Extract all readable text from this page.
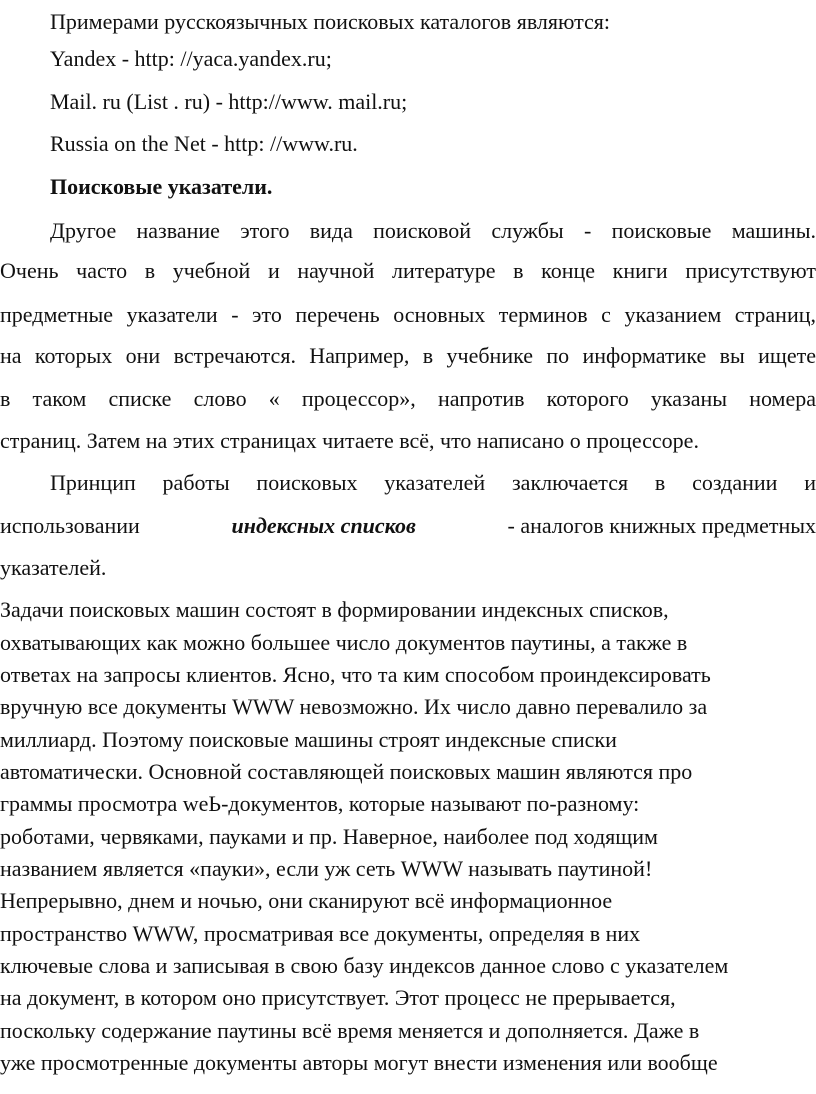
Примерами русскоязычных поисковых каталогов являются:

Yandex - http: //yaca.yandex.ru;

Mail. ru (List . ru) - http://www. mail.ru;

Russia on the Net - http: //www.ru.

Поисковые указатели.

Другое название этого вида поисковой службы - поисковые машины.

Очень часто в учебной и научной литературе в конце книги присутствуют

предметные указатели - это перечень основных терминов с указанием страниц,

на которых они встречаются. Например, в учебнике по информатике вы ищете

в таком списке слово « процессор», напротив которого указаны номера

страниц. Затем на этих страницах читаете всё, что написано о процессоре.

Принцип работы поисковых указателей заключается в создании и

использовании	индексных списков	- аналогов книжных предметных

указателей.

Задачи поисковых машин состоят в формировании индексных списков,

охватывающих как можно большее число документов паутины, а также в

ответах на запросы клиентов. Ясно, что та ким способом проиндексировать

вручную все документы WWW невозможно. Их число давно перевалило за

миллиард. Поэтому поисковые машины строят индексные списки

автоматически. Основной составляющей поисковых машин являются про

граммы просмотра weЬ-документов, которые называют по-разному:

роботами, червяками, пауками и пр. Наверное, наиболее под ходящим

названием является «пауки», если уж сеть WWW называть паутиной!

Непрерывно, днем и ночью, они сканируют всё информационное

пространство WWW, просматривая все документы, определяя в них

ключевые слова и записывая в свою базу индексов данное слово с указателем

на документ, в котором оно присутствует. Этот процесс не прерывается,

поскольку содержание паутины всё время меняется и дополняется. Даже в

уже просмотренные документы авторы могут внести изменения или вообще
